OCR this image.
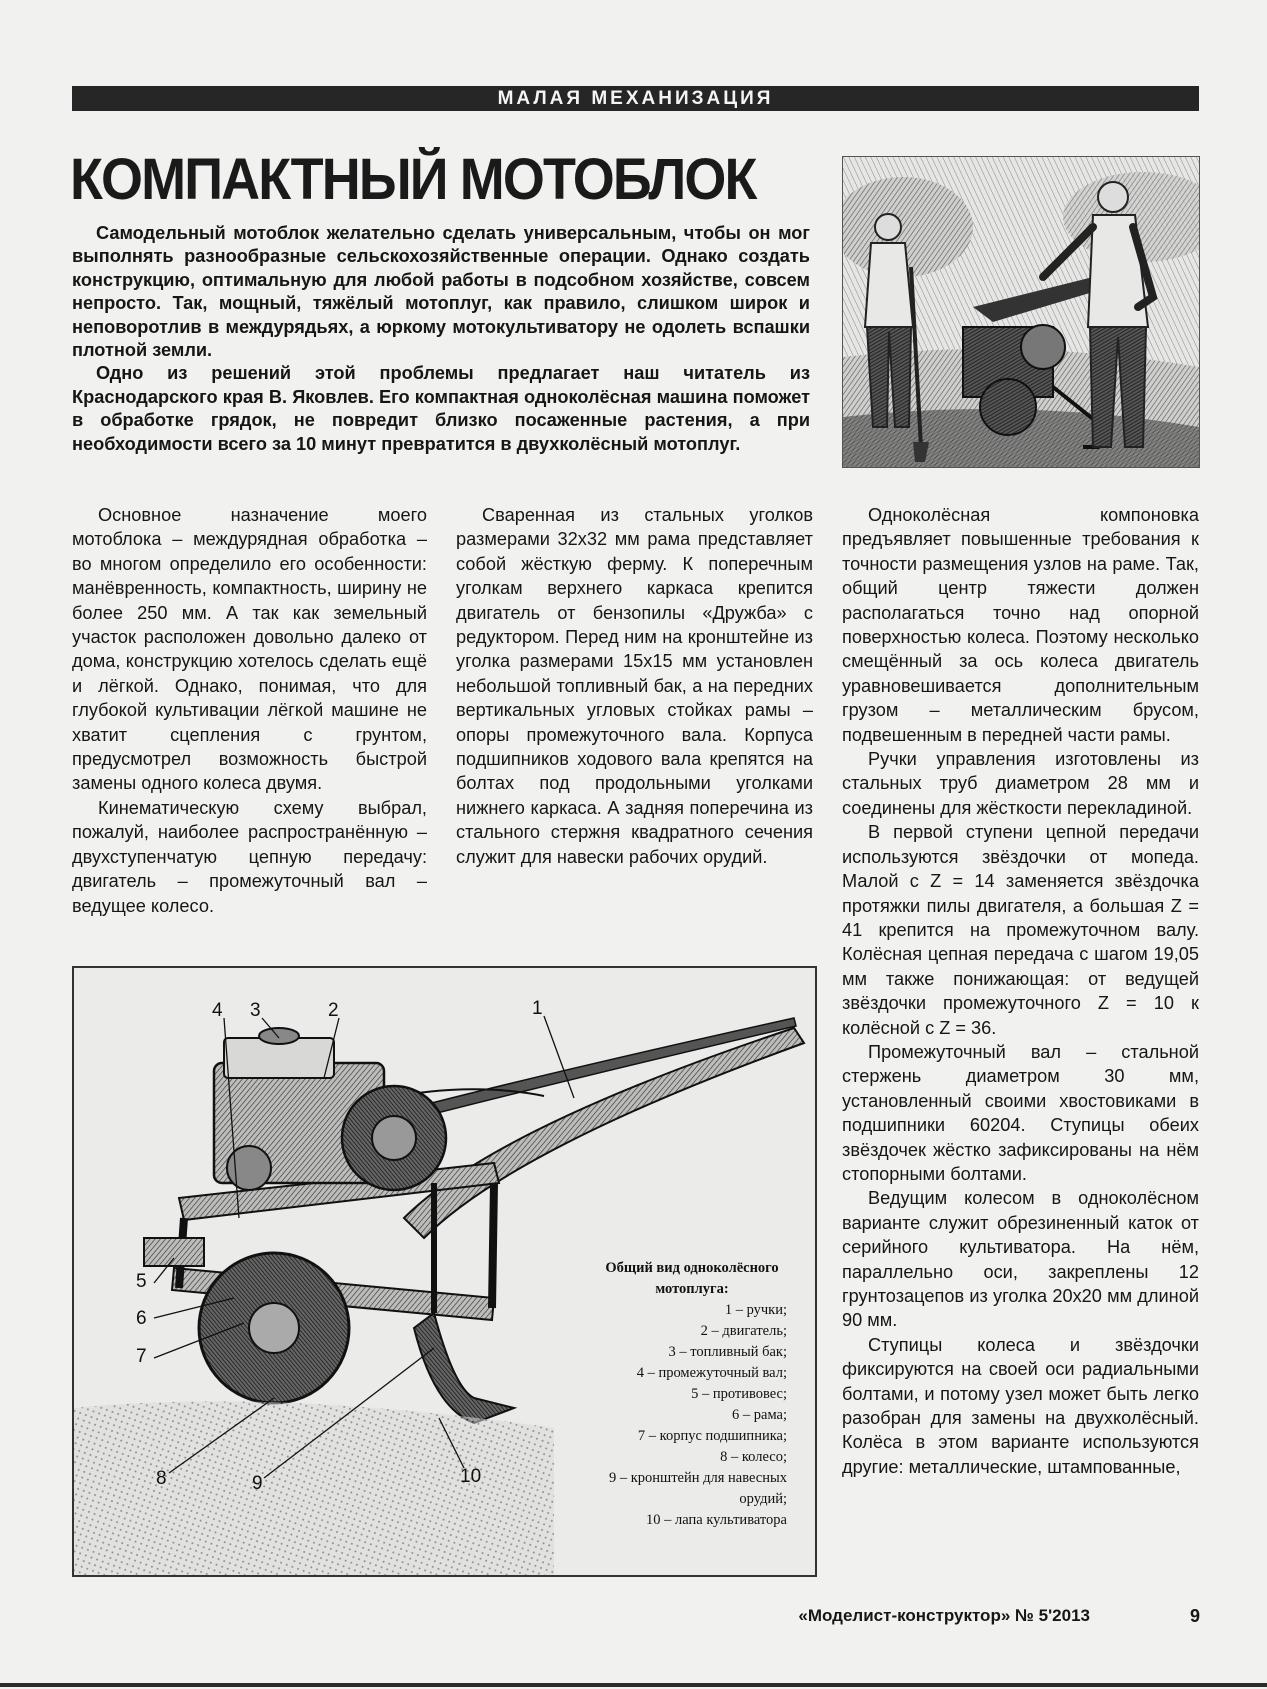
МАЛАЯ МЕХАНИЗАЦИЯ
КОМПАКТНЫЙ МОТОБЛОК

Самодельный мотоблок желательно сделать универсальным, чтобы он мог выполнять разнообразные сельскохозяйственные операции. Однако создать конструкцию, оптимальную для любой работы в подсобном хозяйстве, совсем непросто. Так, мощный, тяжёлый мотоплуг, как правило, слишком широк и неповоротлив в междурядьях, а юркому мотокультиватору не одолеть вспашки плотной земли.

Одно из решений этой проблемы предлагает наш читатель из Краснодарского края В. Яковлев. Его компактная одноколёсная машина поможет в обработке грядок, не повредит близко посаженные растения, а при необходимости всего за 10 минут превратится в двухколёсный мотоплуг.

Основное назначение моего мотоблока – междурядная обработка – во многом определило его особенности: манёвренность, компактность, ширину не более 250 мм. А так как земельный участок расположен довольно далеко от дома, конструкцию хотелось сделать ещё и лёгкой. Однако, понимая, что для глубокой культивации лёгкой машине не хватит сцепления с грунтом, предусмотрел возможность быстрой замены одного колеса двумя.

Кинематическую схему выбрал, пожалуй, наиболее распространённую – двухступенчатую цепную передачу: двигатель – промежуточный вал – ведущее колесо.

Сваренная из стальных уголков размерами 32х32 мм рама представляет собой жёсткую ферму. К поперечным уголкам верхнего каркаса крепится двигатель от бензопилы «Дружба» с редуктором. Перед ним на кронштейне из уголка размерами 15х15 мм установлен небольшой топливный бак, а на передних вертикальных угловых стойках рамы – опоры промежуточного вала. Корпуса подшипников ходового вала крепятся на болтах под продольными уголками нижнего каркаса. А задняя поперечина из стального стержня квадратного сечения служит для навески рабочих орудий.

Одноколёсная компоновка предъявляет повышенные требования к точности размещения узлов на раме. Так, общий центр тяжести должен располагаться точно над опорной поверхностью колеса. Поэтому несколько смещённый за ось колеса двигатель уравновешивается дополнительным грузом – металлическим брусом, подвешенным в передней части рамы.

Ручки управления изготовлены из стальных труб диаметром 28 мм и соединены для жёсткости перекладиной.

В первой ступени цепной передачи используются звёздочки от мопеда. Малой с Z = 14 заменяется звёздочка протяжки пилы двигателя, а большая Z = 41 крепится на промежуточном валу. Колёсная цепная передача с шагом 19,05 мм также понижающая: от ведущей звёздочки промежуточного Z = 10 к колёсной с Z = 36.

Промежуточный вал – стальной стержень диаметром 30 мм, установленный своими хвостовиками в подшипники 60204. Ступицы обеих звёздочек жёстко зафиксированы на нём стопорными болтами.

Ведущим колесом в одноколёсном варианте служит обрезиненный каток от серийного культиватора. На нём, параллельно оси, закреплены 12 грунтозацепов из уголка 20х20 мм длиной 90 мм.

Ступицы колеса и звёздочки фиксируются на своей оси радиальными болтами, и потому узел может быть легко разобран для замены на двухколёсный. Колёса в этом варианте используются другие: металлические, штампованные,

4 3	2	1
5
6
7
8	9	10
Общий вид одноколёсного мотоплуга:
1 – ручки;
2 – двигатель;
3 – топливный бак;
4 – промежуточный вал;
5 – противовес;
6 – рама;
7 – корпус подшипника;
8 – колесо;
9 – кронштейн для навесных орудий;
10 – лапа культиватора
«Моделист-конструктор» № 5'2013	9
